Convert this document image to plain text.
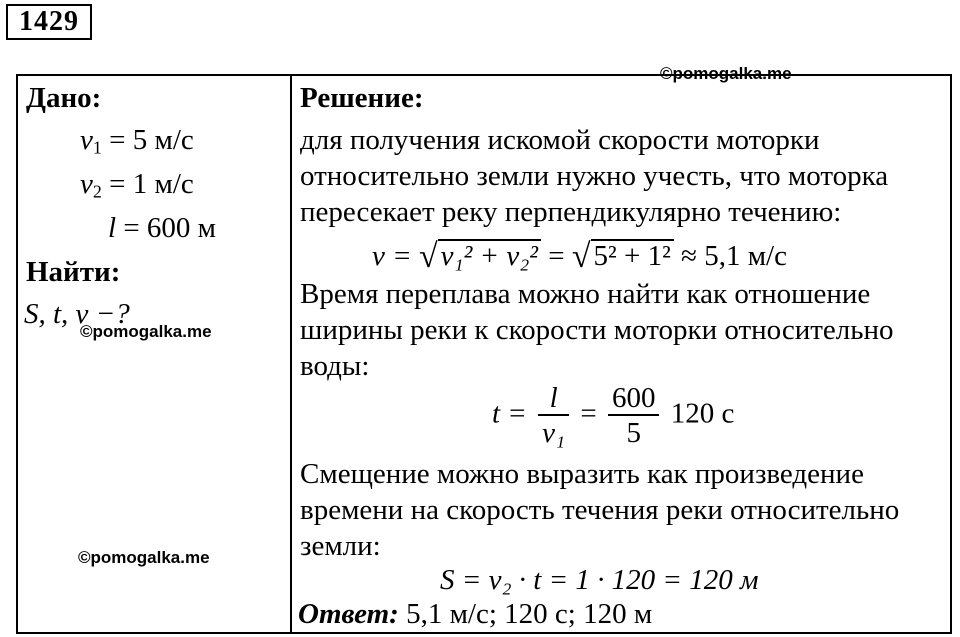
1429
©pomogalka.me
Дано:
$v_1 = 5$ м/с
$v_2 = 1$ м/с
l = 600 м
Найти:
S, t, v −?
Решение:
для получения искомой скорости моторки
относительно земли нужно учесть, что моторка
пересекает реку перпендикулярно течению:
v = √ v₁² + v₂² = √ 5² + 1² ≈ 5,1 м/с
Время переплава можно найти как отношение
ширины реки к скорости моторки относительно
воды:
$t = \frac{l}{\text{v₁}} = \frac{600}{5} 120$ с
Смещение можно выразить как произведение
времени на скорость течения реки относительно
земли:
S = v₂ · t = 1 · 120 = 120 м
Ответ: 5,1 м/с; 120 с; 120 м
©pomogalka.me
©pomogalka.me
